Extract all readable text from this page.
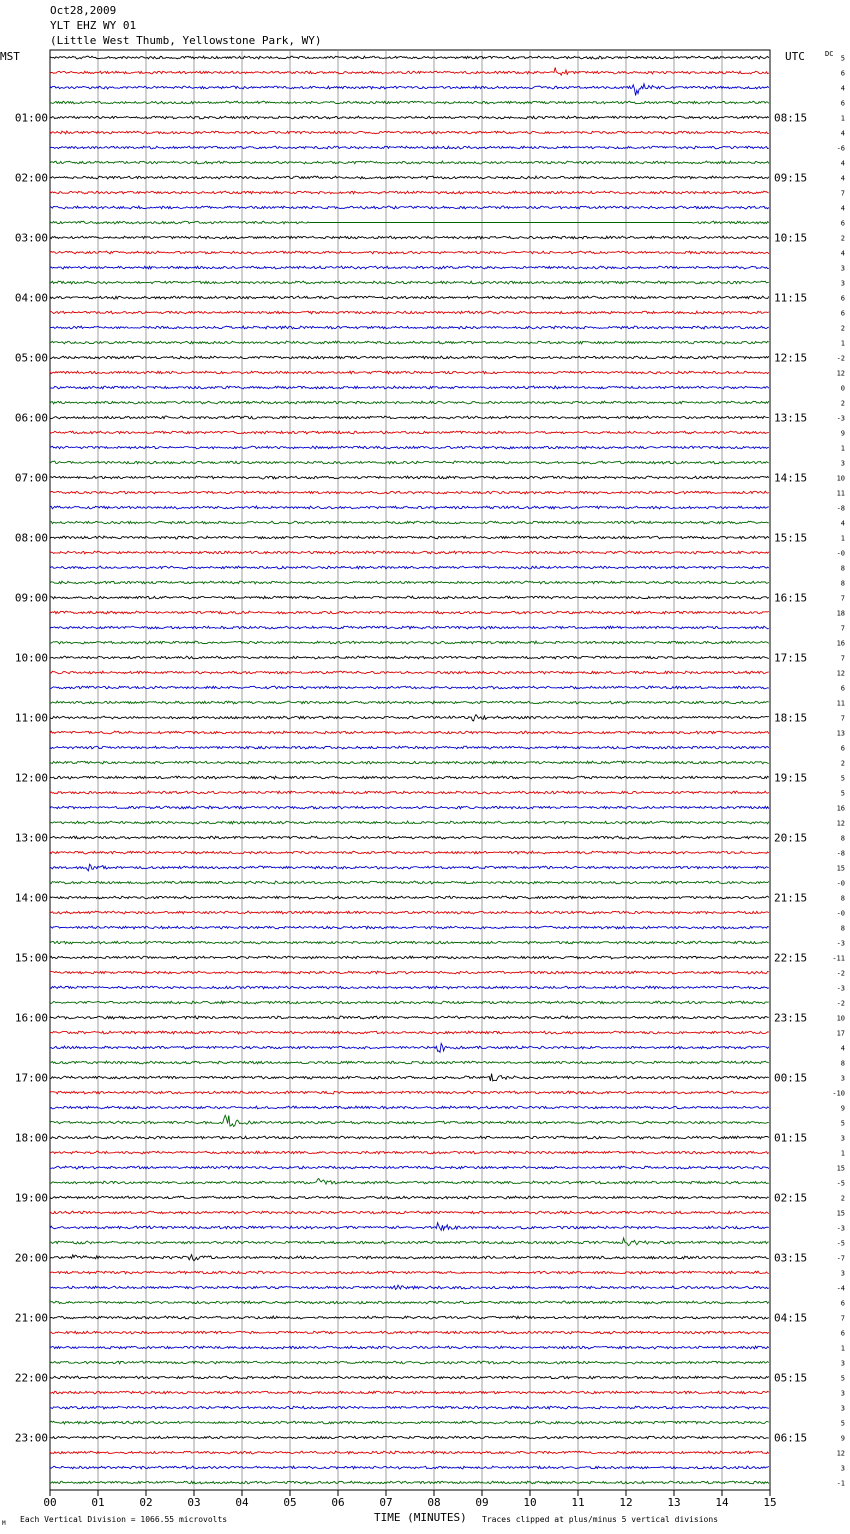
Oct28,2009
YLT EHZ WY 01
(Little West Thumb, Yellowstone Park, WY)
MST	UTC	DC
01:00
02:00
03:00
04:00
05:00
06:00
07:00
08:00
09:00
10:00
11:00
12:00
13:00
14:00
15:00
16:00
17:00
18:00
19:00
20:00
21:00
22:00
23:00
08:15
09:15
10:15
11:15
12:15
13:15
14:15
15:15
16:15
17:15
18:15
19:15
20:15
21:15
22:15
23:15
00:15
01:15
02:15
03:15
04:15
05:15
06:15
5
6
4
6
1
4
-6
4
4
7
4
6
2
4
3
3
6
6
2
1
-2
12
0
2
-3
9
1
3
10
11
-8
4
1
-0
8
8
7
18
7
16
7
12
6
11
7
13
6
2
5
5
16
12
8
-8
15
-0
8
-0
8
-3
-11
-2
-3
-2
10
17
4
8
3
-10
9
5
3
1
15
-5
2
15
-3
-5
-7
3
-4
6
7
6
1
3
5
3
3
5
9
12
3
-1
00	01	02	03	04	05	06	07	08	09	10	11	12	13	14	15
TIME (MINUTES)
Each Vertical Division = 1066.55 microvolts	Traces clipped at plus/minus 5 vertical divisions
M
